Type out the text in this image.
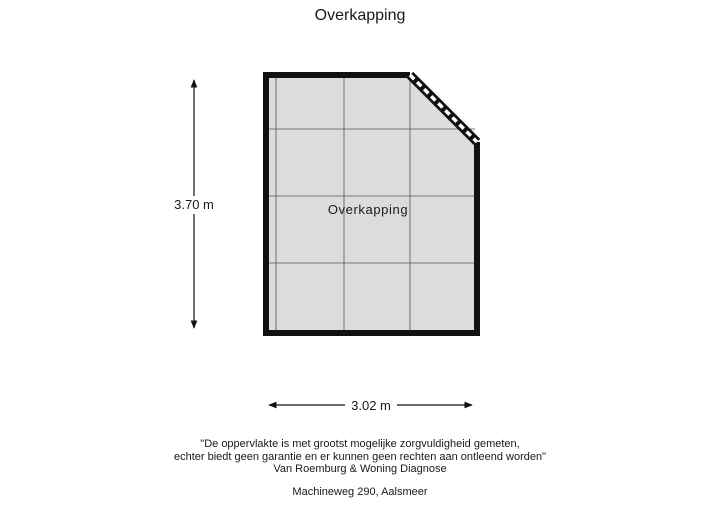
Overkapping
Overkapping
3.70 m
3.02 m
"De oppervlakte is met grootst mogelijke zorgvuldigheid gemeten,
echter biedt geen garantie en er kunnen geen rechten aan ontleend worden"
Van Roemburg & Woning Diagnose
Machineweg 290, Aalsmeer
